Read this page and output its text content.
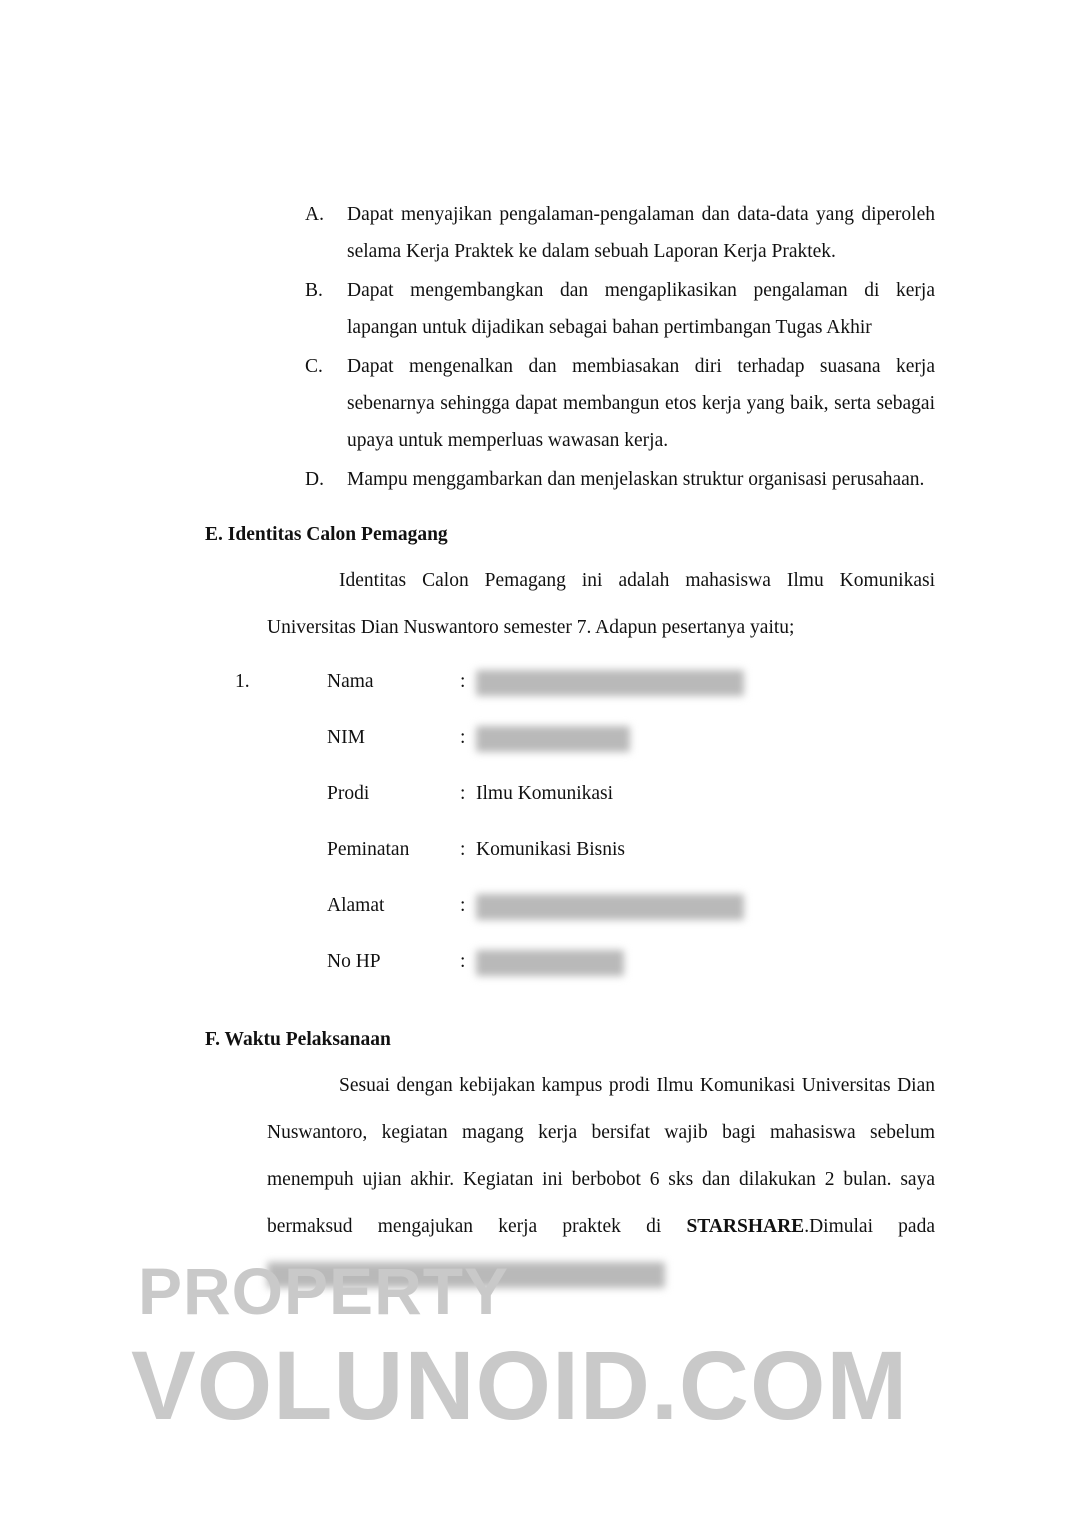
A.	Dapat menyajikan pengalaman-pengalaman dan data-data yang diperoleh selama Kerja Praktek ke dalam sebuah Laporan Kerja Praktek.
B.	Dapat mengembangkan dan mengaplikasikan pengalaman di kerja lapangan untuk dijadikan sebagai bahan pertimbangan Tugas Akhir
C.	Dapat mengenalkan dan membiasakan diri terhadap suasana kerja sebenarnya sehingga dapat membangun etos kerja yang baik, serta sebagai upaya untuk memperluas wawasan kerja.
D.	Mampu menggambarkan dan menjelaskan struktur organisasi perusahaan.
E. Identitas Calon Pemagang
Identitas Calon Pemagang ini adalah mahasiswa Ilmu Komunikasi Universitas Dian Nuswantoro semester 7. Adapun pesertanya yaitu;
1.	Nama	:
NIM	:
Prodi	: Ilmu Komunikasi
Peminatan	: Komunikasi Bisnis
Alamat	:
No HP	:
F. Waktu Pelaksanaan
Sesuai dengan kebijakan kampus prodi Ilmu Komunikasi Universitas Dian Nuswantoro, kegiatan magang kerja bersifat wajib bagi mahasiswa sebelum menempuh ujian akhir. Kegiatan ini berbobot 6 sks dan dilakukan 2 bulan. saya bermaksud mengajukan kerja praktek di STARSHARE.Dimulai pada
PROPERTY
VOLUNOID.COM
